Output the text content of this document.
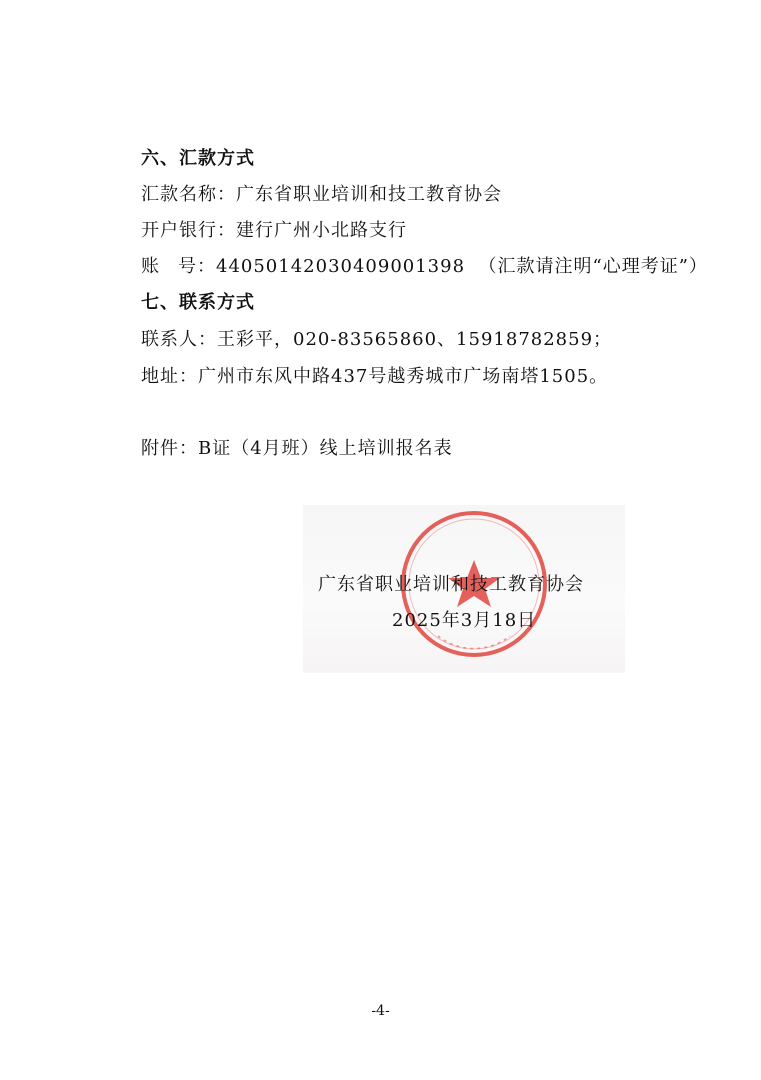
六、汇款方式
汇款名称：广东省职业培训和技工教育协会
开户银行：建行广州小北路支行
账 号：44050142030409001398 （汇款请注明“心理考证”）
七、联系方式
联系人：王彩平，020-83565860、15918782859；
地址：广州市东风中路437号越秀城市广场南塔1505。
附件：B证（4月班）线上培训报名表
广东省职业培训和技工教育协会
2025年3月18日
-4-
